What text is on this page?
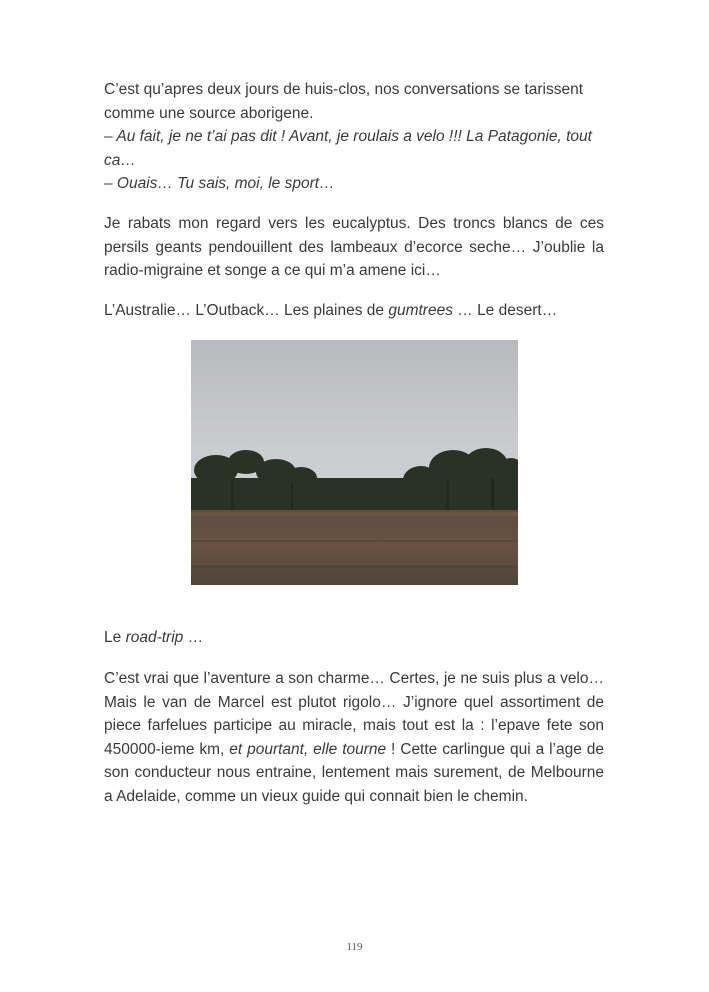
C’est qu’apres deux jours de huis-clos, nos conversations se tarissent comme une source aborigene.
– Au fait, je ne t’ai pas dit ! Avant, je roulais a velo !!! La Patagonie, tout ca…
– Ouais… Tu sais, moi, le sport…

Je rabats mon regard vers les eucalyptus. Des troncs blancs de ces persils geants pendouillent des lambeaux d’ecorce seche… J’oublie la radio-migraine et songe a ce qui m’a amene ici…

L’Australie… L’Outback… Les plaines de gumtrees … Le desert…

Le road-trip …

C’est vrai que l’aventure a son charme… Certes, je ne suis plus a velo… Mais le van de Marcel est plutot rigolo… J’ignore quel assortiment de piece farfelues participe au miracle, mais tout est la : l’epave fete son 450000-ieme km, et pourtant, elle tourne ! Cette carlingue qui a l’age de son conducteur nous entraine, lentement mais surement, de Melbourne a Adelaide, comme un vieux guide qui connait bien le chemin.

119
